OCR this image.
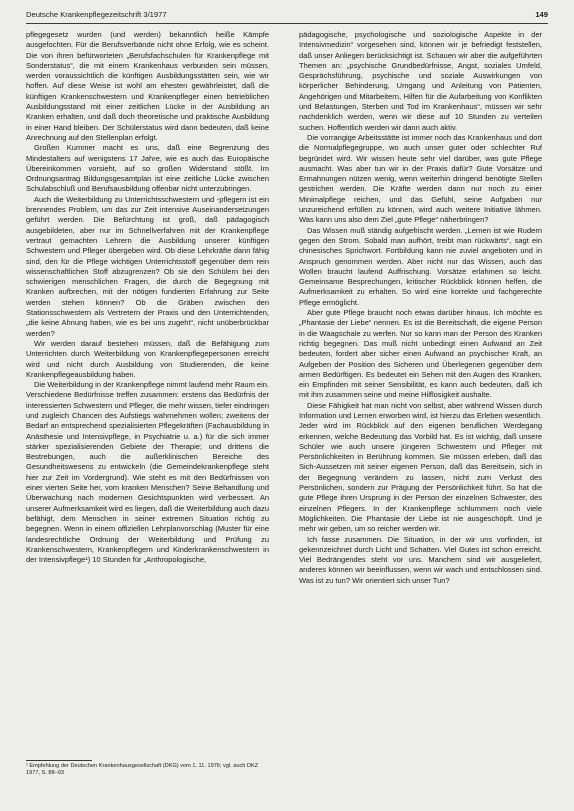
Deutsche Krankenpflegezeitschrift 3/1977	149

pflegegesetz wurden (und werden) bekanntlich heiße Kämpfe ausgefochten. Für die Berufsverbände nicht ohne Erfolg, wie es scheint. Die von ihren befürworteten „Berufsfachschulen für Krankenpflege mit Sonderstatus“, die mit einem Krankenhaus verbunden sein müssen, werden voraussichtlich die künftigen Ausbildungsstätten sein, wie wir hoffen. Auf diese Weise ist wohl am ehesten gewährleistet, daß die künftigen Krankenschwestern und Krankenpfleger einen betrieblichen Ausbildungsstand mit einer zeitlichen Lücke in der Ausbildung an Kranken erhalten, und daß doch theoretische und praktische Ausbildung in einer Hand bleiben. Der Schülerstatus wird dann bedeuten, daß keine Anrechnung auf den Stellenplan erfolgt.

Großen Kummer macht es uns, daß eine Begrenzung des Mindestalters auf wenigstens 17 Jahre, wie es auch das Europäische Übereinkommen vorsieht, auf so großen Widerstand stößt. Im Ordnungsantrag Bildungsgesamtplan ist eine zeitliche Lücke zwischen Schulabschluß und Berufsausbildung offenbar nicht unterzubringen.

Auch die Weiterbildung zu Unterrichtsschwestern und -pflegern ist ein brennendes Problem, um das zur Zeit intensive Auseinandersetzungen geführt werden. Die Befürchtung ist groß, daß pädagogisch ausgebildeten, aber nur im Schnellverfahren mit der Krankenpflege vertraut gemachten Lehrern die Ausbildung unserer künftigen Schwestern und Pfleger übergeben wird. Ob diese Lehrkräfte dann fähig sind, den für die Pflege wichtigen Unterrichtsstoff gegenüber dem rein wissenschaftlichen Stoff abzugrenzen? Ob sie den Schülern bei den schwierigen menschlichen Fragen, die durch die Begegnung mit Kranken aufbrechen, mit der nötigen fundierten Erfahrung zur Seite werden stehen können? Ob die Gräben zwischen den Stationsschwestern als Vertretern der Praxis und den Unterrichtenden, „die keine Ahnung haben, wie es bei uns zugeht“, nicht unüberbrückbar werden?

Wir werden darauf bestehen müssen, daß die Befähigung zum Unterrichten durch Weiterbildung von Krankenpflegepersonen erreicht wird und nicht durch Ausbildung von Studierenden, die keine Krankenpflegeausbildung haben.

Die Weiterbildung in der Krankenpflege nimmt laufend mehr Raum ein. Verschiedene Bedürfnisse treffen zusammen: erstens das Bedürfnis der interessierten Schwestern und Pfleger, die mehr wissen, tiefer eindringen und zugleich Chancen des Aufstiegs wahrnehmen wollen; zweitens der Bedarf an entsprechend spezialisierten Pflegekräften (Fachausbildung in Anästhesie und Intensivpflege, in Psychiatrie u. a.) für die sich immer stärker spezialisierenden Gebiete der Therapie; und drittens die Bestrebungen, auch die außerklinischen Bereiche des Gesundheitswesens zu entwickeln (die Gemeindekrankenpflege steht hier zur Zeit im Vordergrund). Wie steht es mit den Bedürfnissen von einer vierten Seite her, vom kranken Menschen? Seine Behandlung und Überwachung nach modernen Gesichtspunkten wird verbessert. An unserer Aufmerksamkeit wird es liegen, daß die Weiterbildung auch dazu befähigt, dem Menschen in seiner extremen Situation richtig zu begegnen. Wenn in einem offiziellen Lehrplanvorschlag (Muster für eine landesrechtliche Ordnung der Weiterbildung und Prüfung zu Krankenschwestern, Krankenpflegern und Kinderkrankenschwestern in der Intensivpflege¹) 10 Stunden für „Anthropologische,

pädagogische, psychologische und soziologische Aspekte in der Intensivmedizin“ vorgesehen sind, können wir je befriedigt feststellen, daß unser Anliegen berücksichtigt ist. Schauen wir aber die aufgeführten Themen an: „psychische Grundbedürfnisse, Angst, soziales Umfeld, Gesprächsführung, psychische und soziale Auswirkungen von körperlicher Behinderung, Umgang und Anleitung von Patienten, Angehörigen und Mitarbeitern, Hilfen für die Aufarbeitung von Konflikten und Belastungen, Sterben und Tod im Krankenhaus“, müssen wir sehr nachdenklich werden, wenn wir diese auf 10 Stunden zu verteilen suchen. Hoffentlich werden wir dann auch aktiv.

Die vorrangige Arbeitsstätte ist immer noch das Krankenhaus und dort die Normalpflegegruppe, wo auch unser guter oder schlechter Ruf begründet wird. Wir wissen heute sehr viel darüber, was gute Pflege ausmacht. Was aber tun wir in der Praxis dafür? Gute Vorsätze und Ermahnungen nützen wenig, wenn weiterhin dringend benötigte Stellen gestrichen werden. Die Kräfte werden dann nur noch zu einer Minimalpflege reichen, und das Gefühl, seine Aufgaben nur unzureichend erfüllen zu können, wird auch weitere Initiative lähmen. Was kann uns also dem Ziel „gute Pflege“ näherbringen?

Das Wissen muß ständig aufgefrischt werden. „Lernen ist wie Rudern gegen den Strom. Sobald man aufhört, treibt man rückwärts“, sagt ein chinesisches Sprichwort. Fortbildung kann nie zuviel angeboten und in Anspruch genommen werden. Aber nicht nur das Wissen, auch das Wollen braucht laufend Auffrischung. Vorsätze erlahmen so leicht. Gemeinsame Besprechungen, kritischer Rückblick können helfen, die Aufmerksamkeit zu erhalten. So wird eine korrekte und fachgerechte Pflege ermöglicht.

Aber gute Pflege braucht noch etwas darüber hinaus. Ich möchte es „Phantasie der Liebe“ nennen. Es ist die Bereitschaft, die eigene Person in die Waagschale zu werfen. Nur so kann man der Person des Kranken richtig begegnen. Das muß nicht unbedingt einen Aufwand an Zeit bedeuten, fordert aber sicher einen Aufwand an psychischer Kraft, an Aufgeben der Position des Sicheren und Überlegenen gegenüber dem armen Bedürftigen. Es bedeutet ein Sehen mit den Augen des Kranken, ein Empfinden mit seiner Sensibilität, es kann auch bedeuten, daß ich mit ihm zusammen seine und meine Hilflosigkeit aushalte.

Diese Fähigkeit hat man nicht von selbst, aber während Wissen durch Information und Lernen erworben wird, ist hierzu das Erleben wesentlich. Jeder wird im Rückblick auf den eigenen beruflichen Werdegang erkennen, welche Bedeutung das Vorbild hat. Es ist wichtig, daß unsere Schüler wie auch unsere jüngeren Schwestern und Pfleger mit Persönlichkeiten in Berührung kommen. Sie müssen erleben, daß das Sich-Aussetzen mit seiner eigenen Person, daß das Bereitsein, sich in der Begegnung verändern zu lassen, nicht zum Verlust des Persönlichen, sondern zur Prägung der Persönlichkeit führt. So hat die gute Pflege ihren Ursprung in der Person der einzelnen Schwester, des einzelnen Pflegers. In der Krankenpflege schlummern noch viele Möglichkeiten. Die Phantasie der Liebe ist nie ausgeschöpft. Und je mehr wir geben, um so reicher werden wir.

Ich fasse zusammen. Die Situation, in der wir uns vorfinden, ist gekennzeichnet durch Licht und Schatten. Viel Gutes ist schon erreicht. Viel Bedrängendes steht vor uns. Manchem sind wir ausgeliefert, anderes können wir beeinflussen, wenn wir wach und entschlossen sind. Was ist zu tun? Wir orientiert sich unser Tun?

¹ Empfehlung der Deutschen Krankenhausgesellschaft (DKG) vom 1. 11. 1976; vgl. auch DKZ 1977, S. 88–93
